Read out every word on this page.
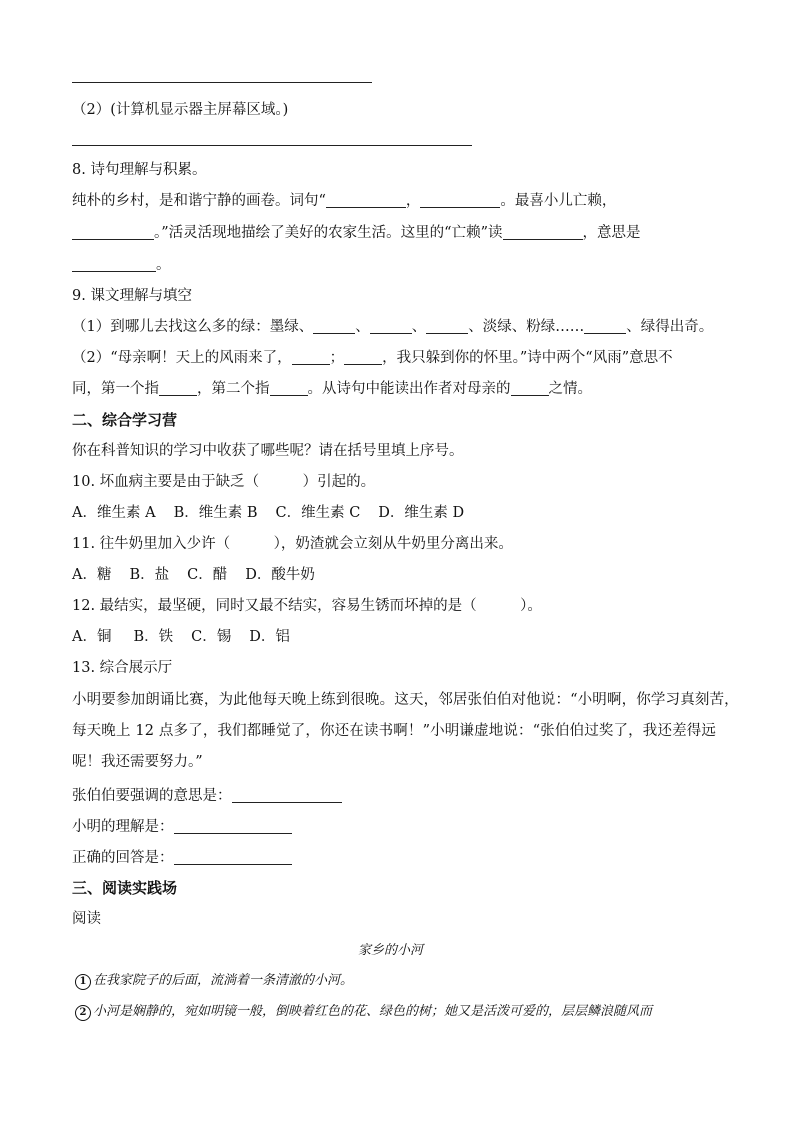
（2）(计算机显示器主屏幕区域。)
8. 诗句理解与积累。
纯朴的乡村，是和谐宁静的画卷。词句“	，	。最喜小儿亡赖，
。”活灵活现地描绘了美好的农家生活。这里的“亡赖”读	，意思是
。
9. 课文理解与填空
（1）到哪儿去找这么多的绿：墨绿、	、	、	、淡绿、粉绿……	、绿得出奇。
（2）“母亲啊！天上的风雨来了，	；	，我只躲到你的怀里。”诗中两个“风雨”意思不
同，第一个指	，第二个指	。从诗句中能读出作者对母亲的	之情。
二、综合学习营
你在科普知识的学习中收获了哪些呢？请在括号里填上序号。
10. 坏血病主要是由于缺乏（　　　）引起的。
A．维生素 A B．维生素 B C．维生素 C D．维生素 D
11. 往牛奶里加入少许（　　　），奶渣就会立刻从牛奶里分离出来。
A．糖 B．盐 C．醋 D．酸牛奶
12. 最结实，最坚硬，同时又最不结实，容易生锈而坏掉的是（　　　）。
A．铜 B．铁 C．锡 D．铝
13. 综合展示厅
小明要参加朗诵比赛，为此他每天晚上练到很晚。这天，邻居张伯伯对他说：“小明啊，你学习真刻苦，
每天晚上 12 点多了，我们都睡觉了，你还在读书啊！”小明谦虚地说：“张伯伯过奖了，我还差得远
呢！我还需要努力。”
张伯伯要强调的意思是：
小明的理解是：
正确的回答是：
三、阅读实践场
阅读
家乡的小河
1 在我家院子的后面，流淌着一条清澈的小河。
2 小河是娴静的，宛如明镜一般，倒映着红色的花、绿色的树；她又是活泼可爱的，层层鳞浪随风而
